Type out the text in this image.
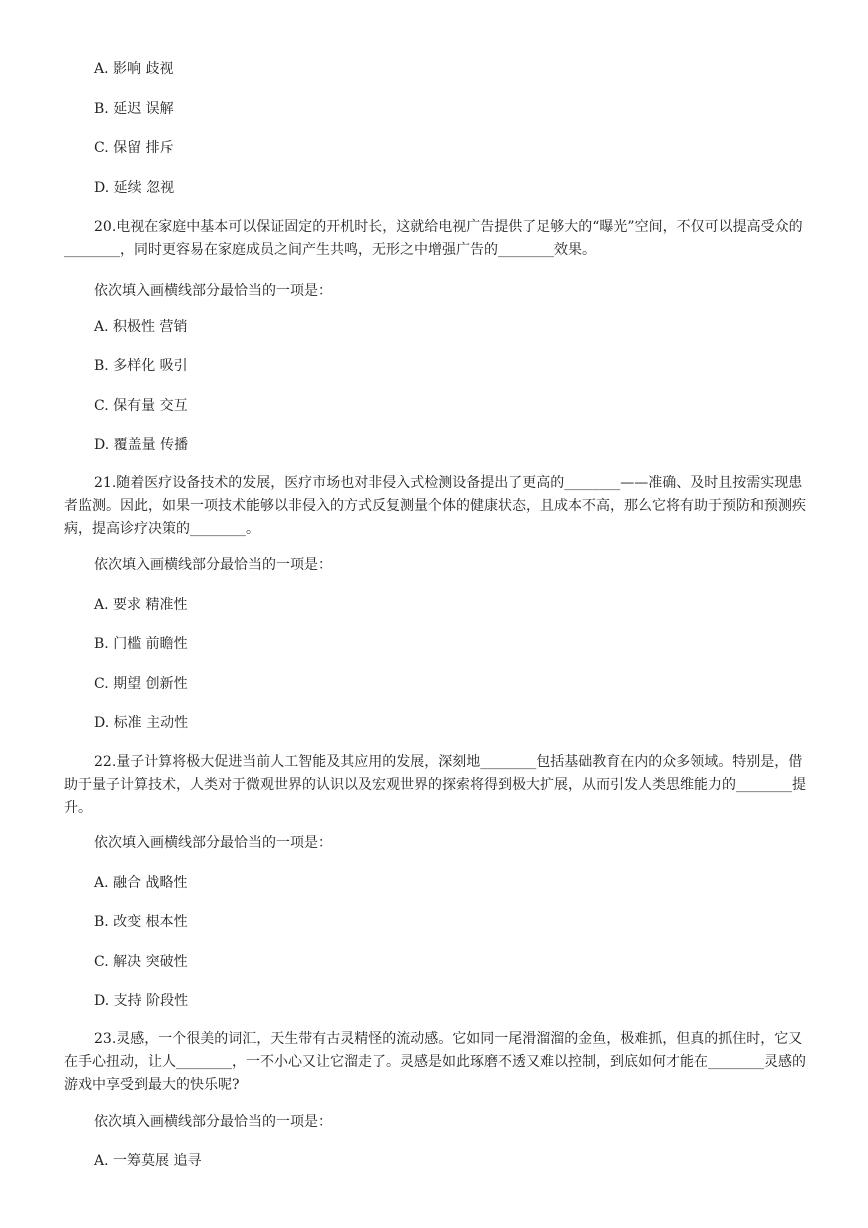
A. 影响 歧视
B. 延迟 误解
C. 保留 排斥
D. 延续 忽视
20.电视在家庭中基本可以保证固定的开机时长，这就给电视广告提供了足够大的“曝光”空间，不仅可以提高受众的________，同时更容易在家庭成员之间产生共鸣，无形之中增强广告的________效果。
依次填入画横线部分最恰当的一项是：
A. 积极性 营销
B. 多样化 吸引
C. 保有量 交互
D. 覆盖量 传播
21.随着医疗设备技术的发展，医疗市场也对非侵入式检测设备提出了更高的________——准确、及时且按需实现患者监测。因此，如果一项技术能够以非侵入的方式反复测量个体的健康状态，且成本不高，那么它将有助于预防和预测疾病，提高诊疗决策的________。
依次填入画横线部分最恰当的一项是：
A. 要求 精准性
B. 门槛 前瞻性
C. 期望 创新性
D. 标准 主动性
22.量子计算将极大促进当前人工智能及其应用的发展，深刻地________包括基础教育在内的众多领域。特别是，借助于量子计算技术，人类对于微观世界的认识以及宏观世界的探索将得到极大扩展，从而引发人类思维能力的________提升。
依次填入画横线部分最恰当的一项是：
A. 融合 战略性
B. 改变 根本性
C. 解决 突破性
D. 支持 阶段性
23.灵感，一个很美的词汇，天生带有古灵精怪的流动感。它如同一尾滑溜溜的金鱼，极难抓，但真的抓住时，它又在手心扭动，让人________，一不小心又让它溜走了。灵感是如此琢磨不透又难以控制，到底如何才能在________灵感的游戏中享受到最大的快乐呢?
依次填入画横线部分最恰当的一项是：
A. 一筹莫展 追寻
